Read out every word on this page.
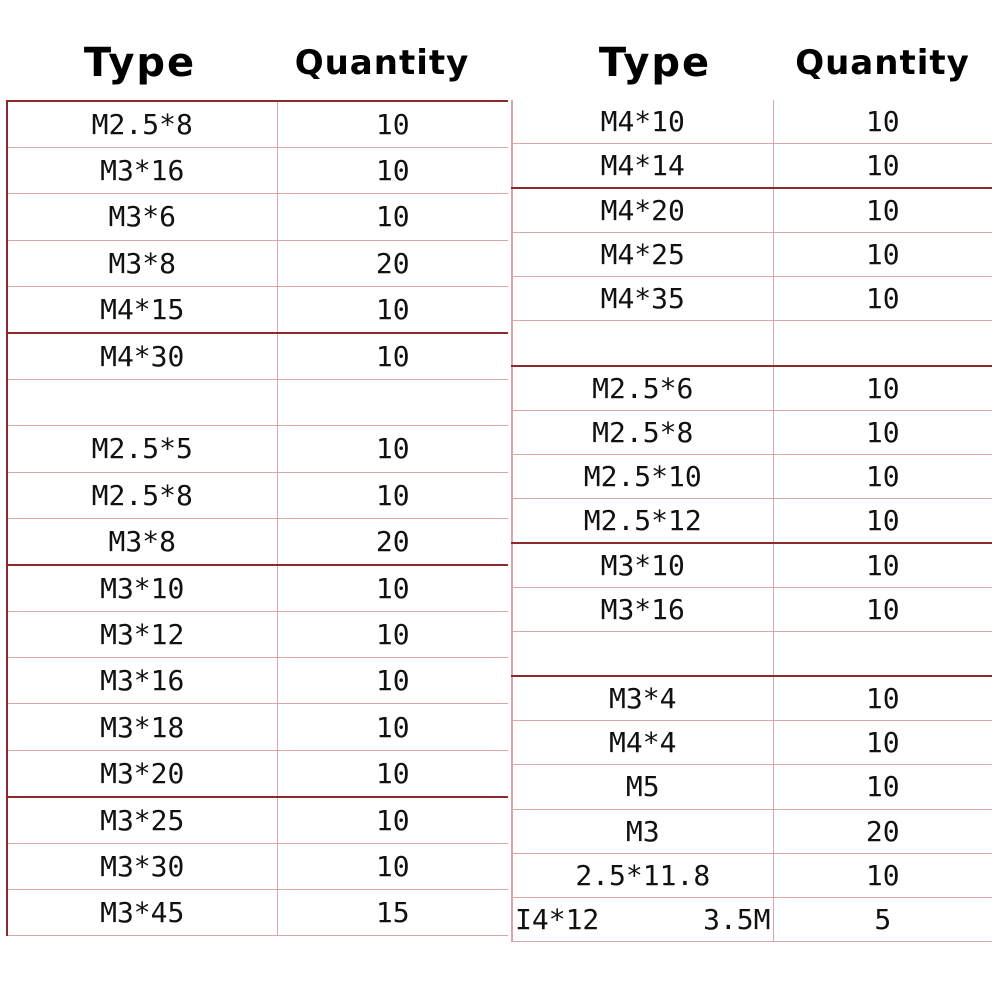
Type	Quantity	Type	Quantity
M2.5*8	10
M3*16	10
M3*6	10
M3*8	20
M4*15	10
M4*30	10

M2.5*5	10
M2.5*8	10
M3*8	20
M3*10	10
M3*12	10
M3*16	10
M3*18	10
M3*20	10
M3*25	10
M3*30	10
M3*45	15
M4*10	10
M4*14	10
M4*20	10
M4*25	10
M4*35	10

M2.5*6	10
M2.5*8	10
M2.5*10	10
M2.5*12	10
M3*10	10
M3*16	10

M3*4	10
M4*4	10
M5	10
M3	20
2.5*11.8	10

I4*12 3.5M	5
